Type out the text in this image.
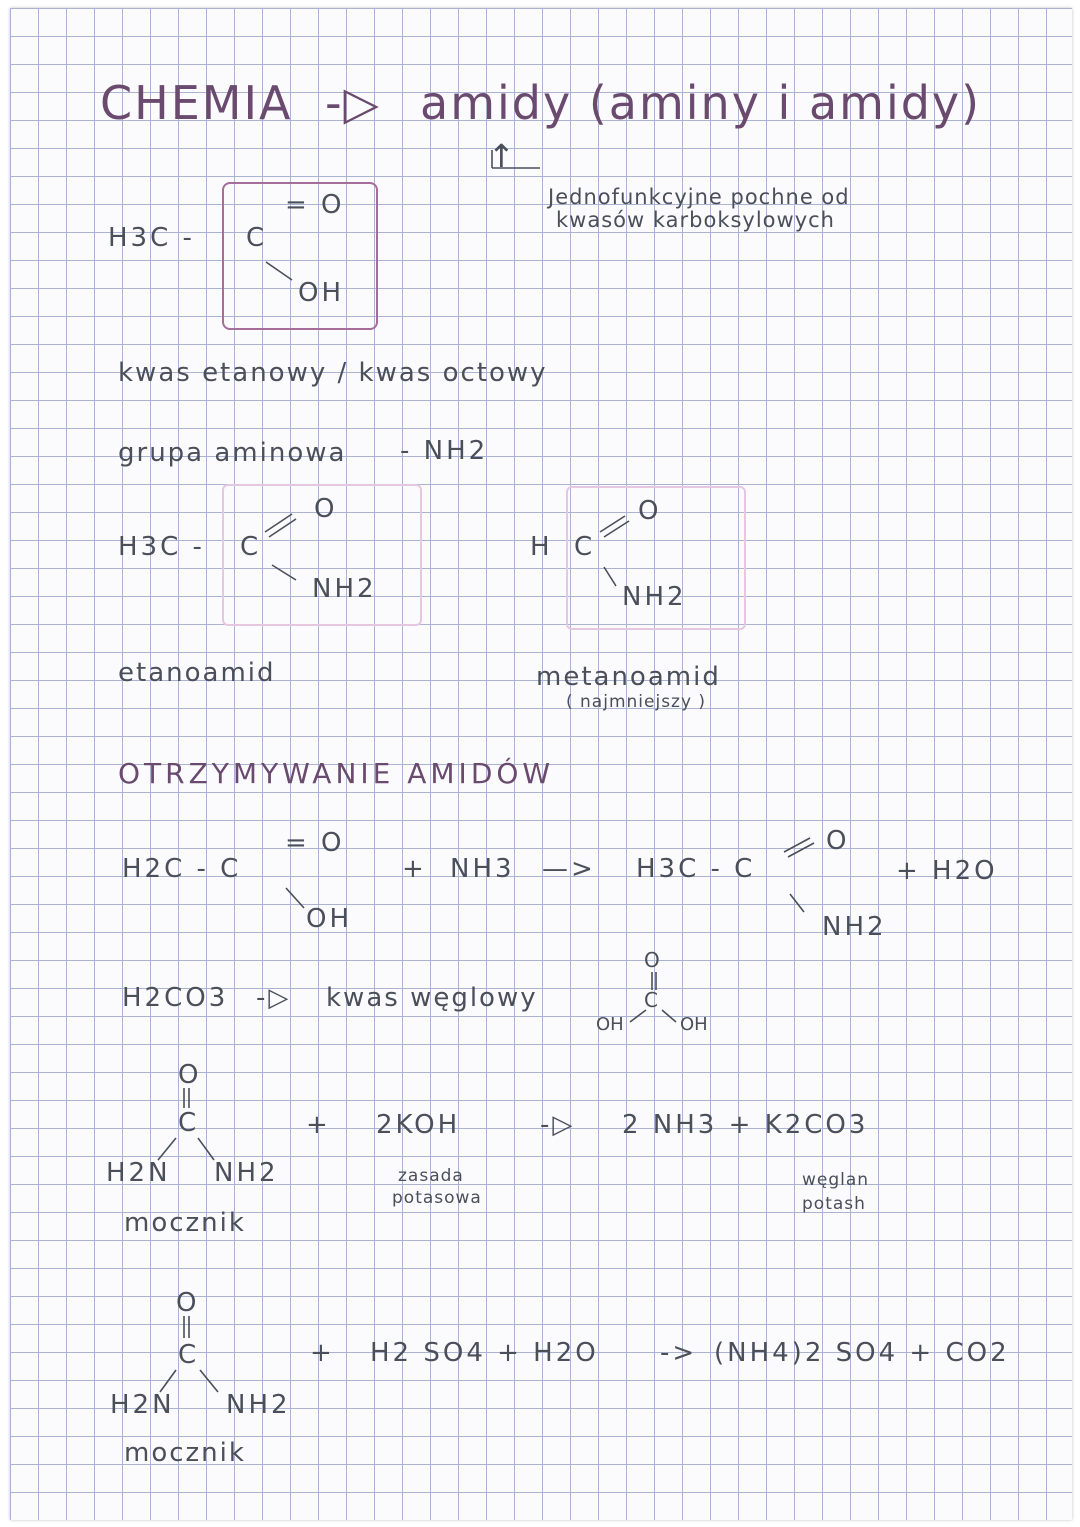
CHEMIA -▷ amidy (aminy i amidy)
↑
Jednofunkcyjne pochne od
kwasów karboksylowych
H3C - C
= O
OH
kwas etanowy / kwas octowy
grupa aminowa - NH2
H3C - C
O
NH2
etanoamid
H C
O
NH2
metanoamid
( najmniejszy )
OTRZYMYWANIE AMIDÓW
H2C - C
= O
OH
+ NH3 —> H3C - C
O
NH2
+ H2O
H2CO3 -▷ kwas węglowy
O
C
OH	OH
O
C
H2N NH2
mocznik
+ 2KOH
zasada
potasowa
-▷ 2 NH3 + K2CO3
węglan
potash
O
C
H2N NH2
mocznik
+ H2 SO4 + H2O -> (NH4)2 SO4 + CO2
